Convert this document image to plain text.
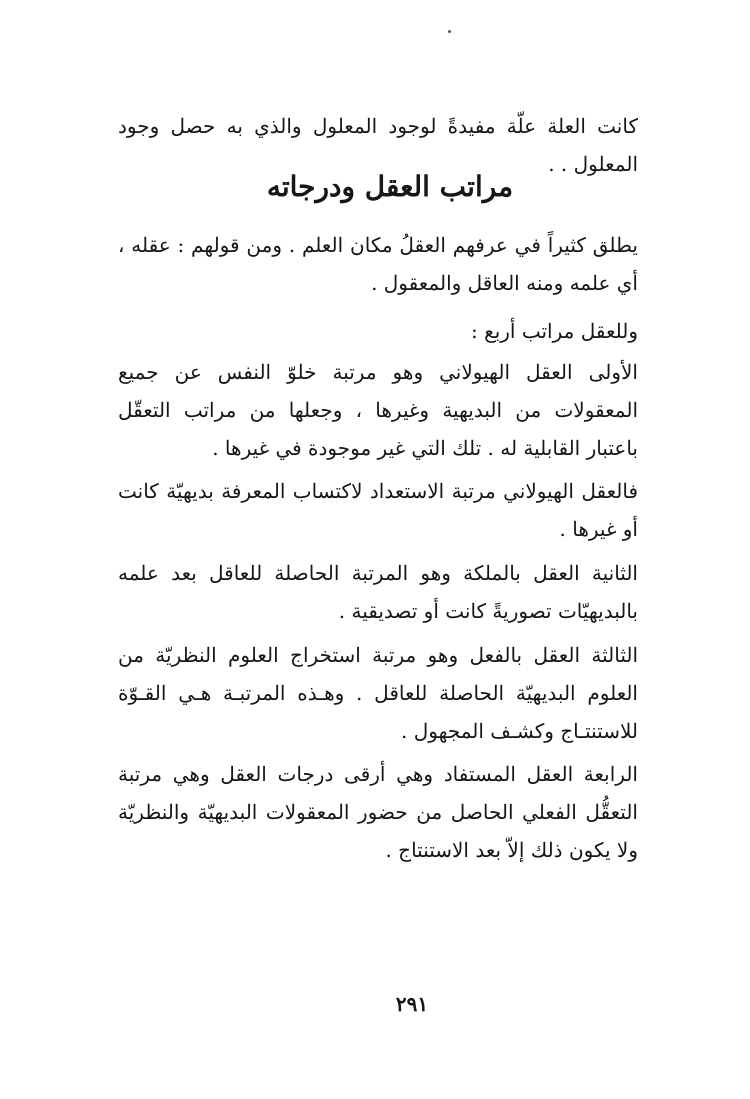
كانت العلة علّة مفيدةً لوجود المعلول والذي به حصل وجود المعلول . .
مراتب العقل ودرجاته
يطلق كثيراً في عرفهم العقلُ مكان العلم . ومن قولهم : عقله ، أي علمه ومنه العاقل والمعقول .
وللعقل مراتب أربع :
الأولى العقل الهيولاني وهو مرتبة خلوّ النفس عن جميع المعقولات من البديهية وغيرها ، وجعلها من مراتب التعقّل باعتبار القابلية له . تلك التي غير موجودة في غيرها .
فالعقل الهيولاني مرتبة الاستعداد لاكتساب المعرفة بديهيّة كانت أو غيرها .
الثانية العقل بالملكة وهو المرتبة الحاصلة للعاقل بعد علمه بالبديهيّات تصوريةً كانت أو تصديقية .
الثالثة العقل بالفعل وهو مرتبة استخراج العلوم النظريّة من العلوم البديهيّة الحاصلة للعاقل . وهـذه المرتبـة هـي القـوّة للاستنتـاج وكشـف المجهول .
الرابعة العقل المستفاد وهي أرقى درجات العقل وهي مرتبة التعقُّل الفعلي الحاصل من حضور المعقولات البديهيّة والنظريّة ولا يكون ذلك إلاّ بعد الاستنتاج .
٢٩١
